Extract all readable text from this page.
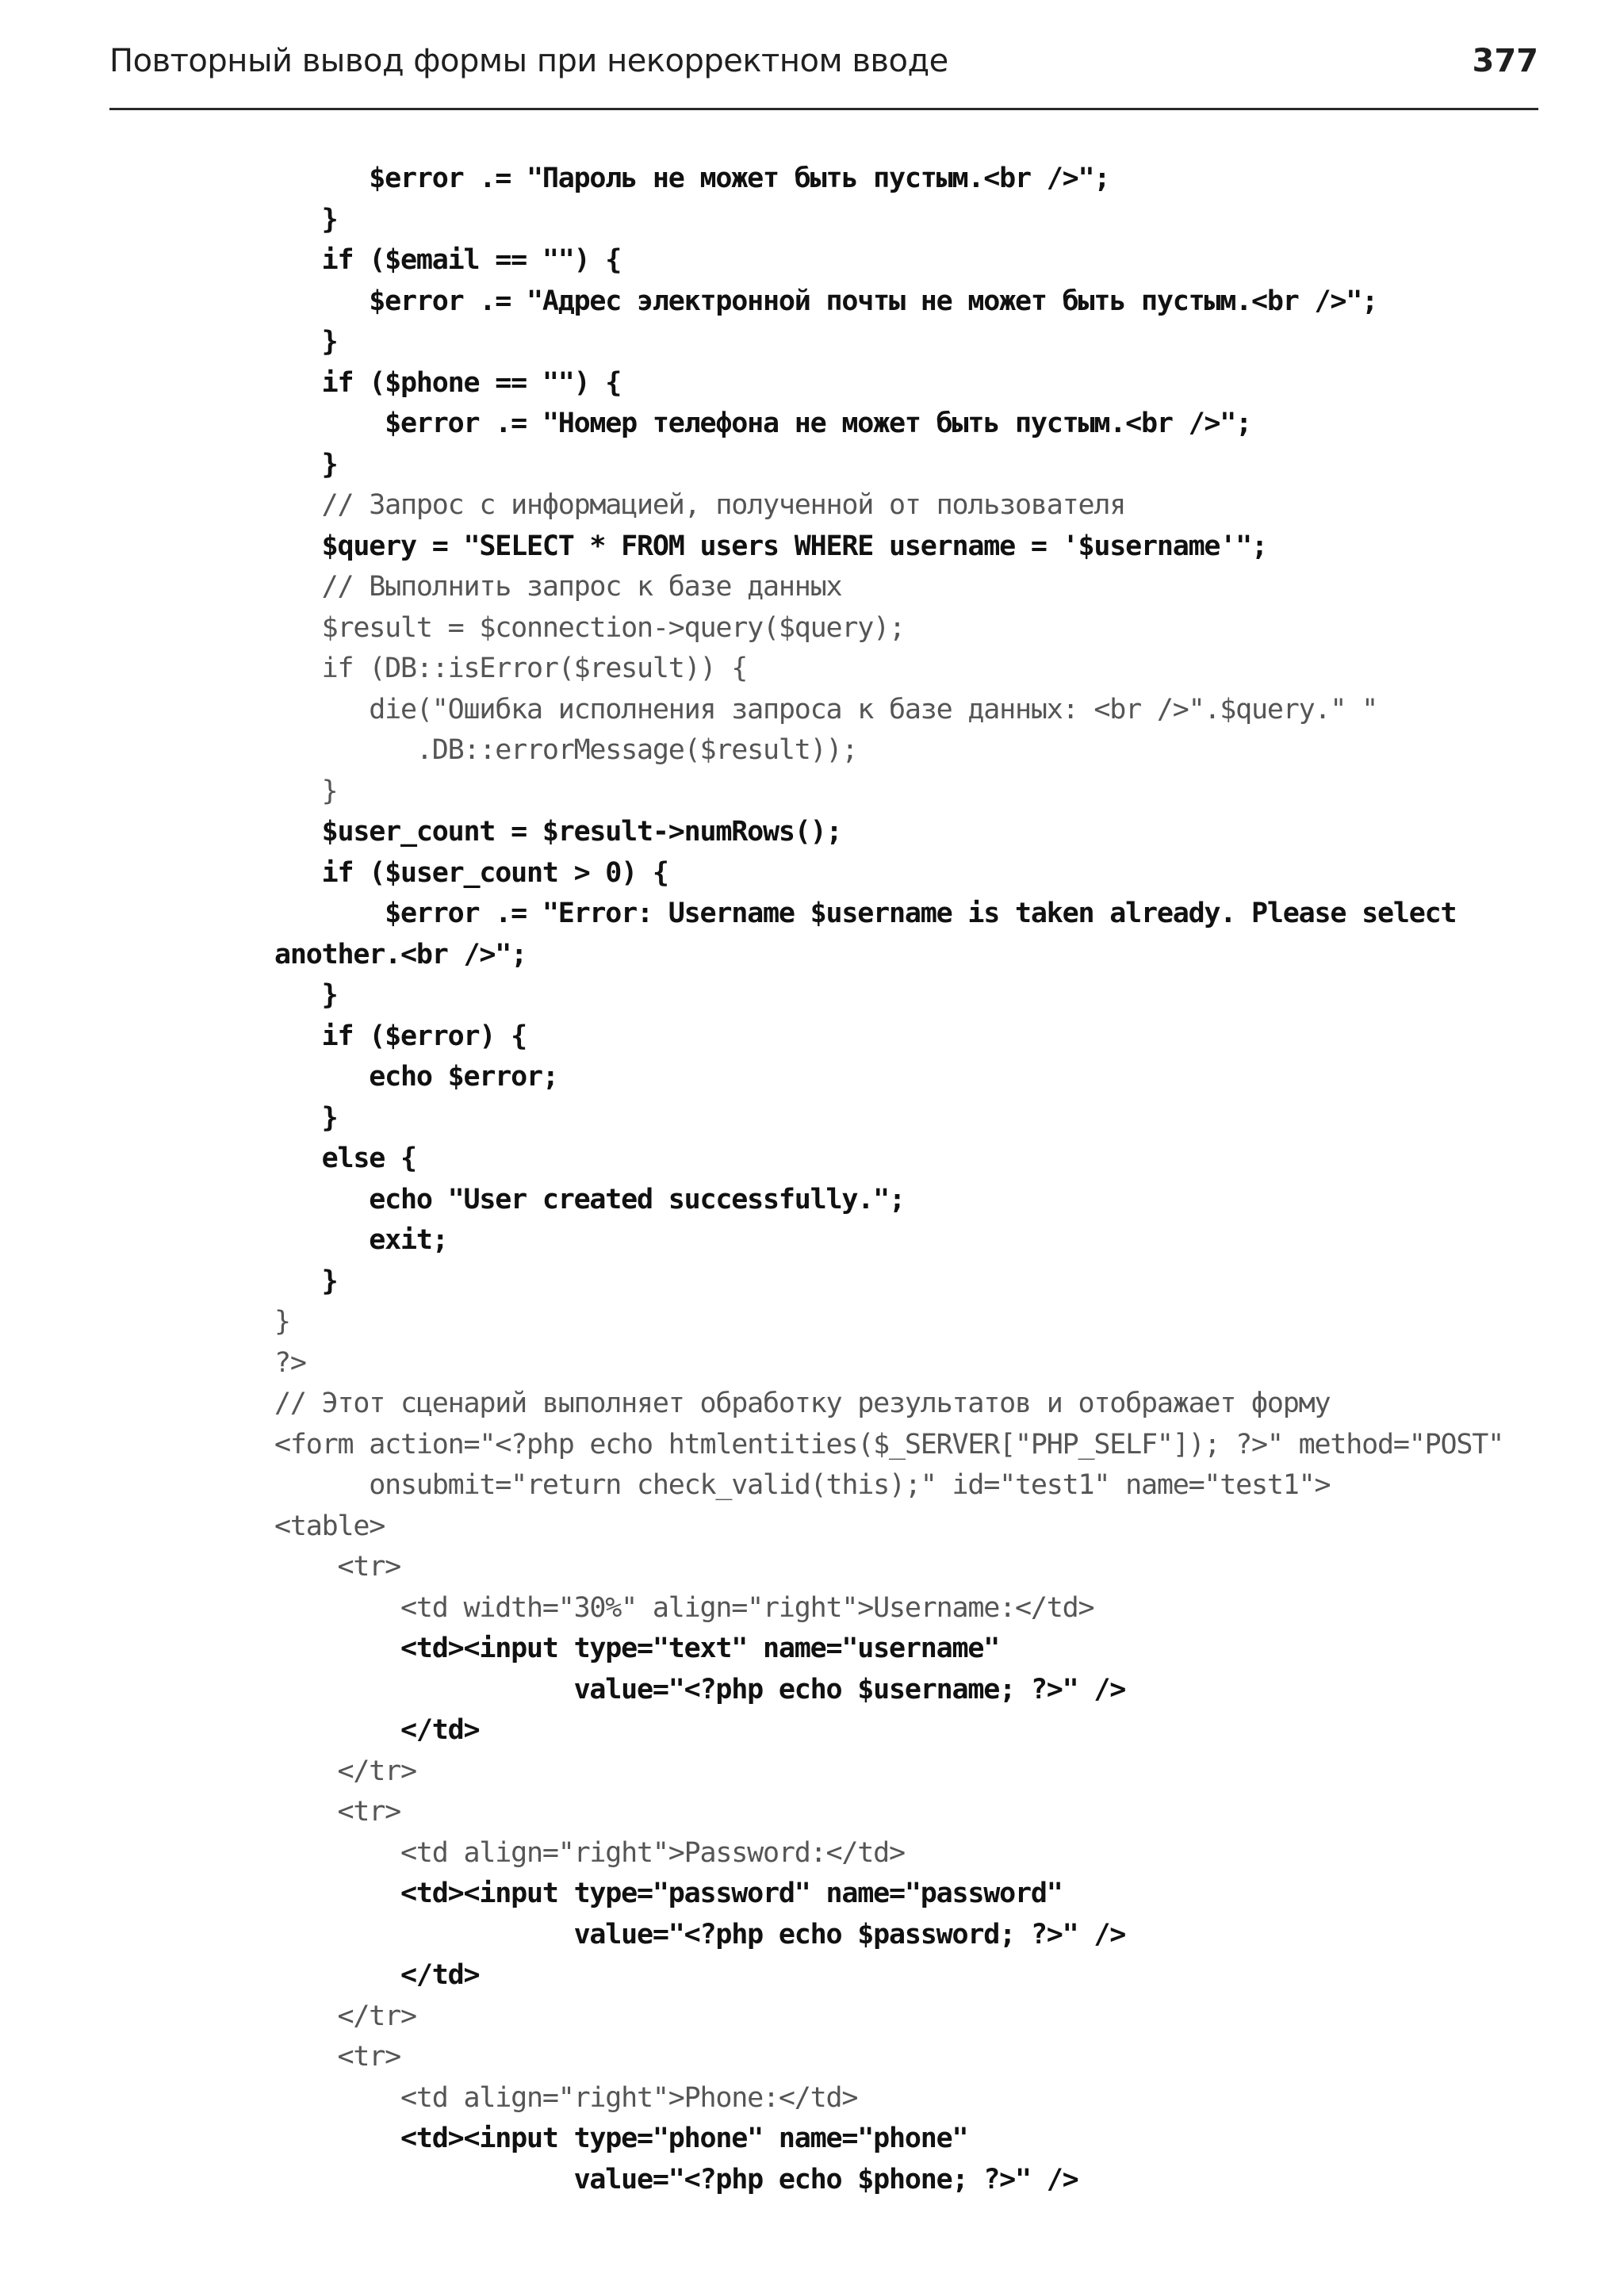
Повторный вывод формы при некорректном вводе	377
$error .= "Пароль не может быть пустым.<br />";
}
if ($email == "") {
$error .= "Адрес электронной почты не может быть пустым.<br />";
}
if ($phone == "") {
$error .= "Номер телефона не может быть пустым.<br />";
}
// Запрос с информацией, полученной от пользователя
$query = "SELECT * FROM users WHERE username = '$username'";
// Выполнить запрос к базе данных
$result = $connection->query($query);
if (DB::isError($result)) {
die("Ошибка исполнения запроса к базе данных: <br />".$query." "
.DB::errorMessage($result));
}
$user_count = $result->numRows();
if ($user_count > 0) {
$error .= "Error: Username $username is taken already. Please select
another.<br />";
}
if ($error) {
echo $error;
}
else {
echo "User created successfully.";
exit;
}
}
?>
// Этот сценарий выполняет обработку результатов и отображает форму
<form action="<?php echo htmlentities($_SERVER["PHP_SELF"]); ?>" method="POST"
onsubmit="return check_valid(this);" id="test1" name="test1">
<table>
<tr>
<td width="30%" align="right">Username:</td>
<td><input type="text" name="username"
value="<?php echo $username; ?>" />
</td>
</tr>
<tr>
<td align="right">Password:</td>
<td><input type="password" name="password"
value="<?php echo $password; ?>" />
</td>
</tr>
<tr>
<td align="right">Phone:</td>
<td><input type="phone" name="phone"
value="<?php echo $phone; ?>" />
